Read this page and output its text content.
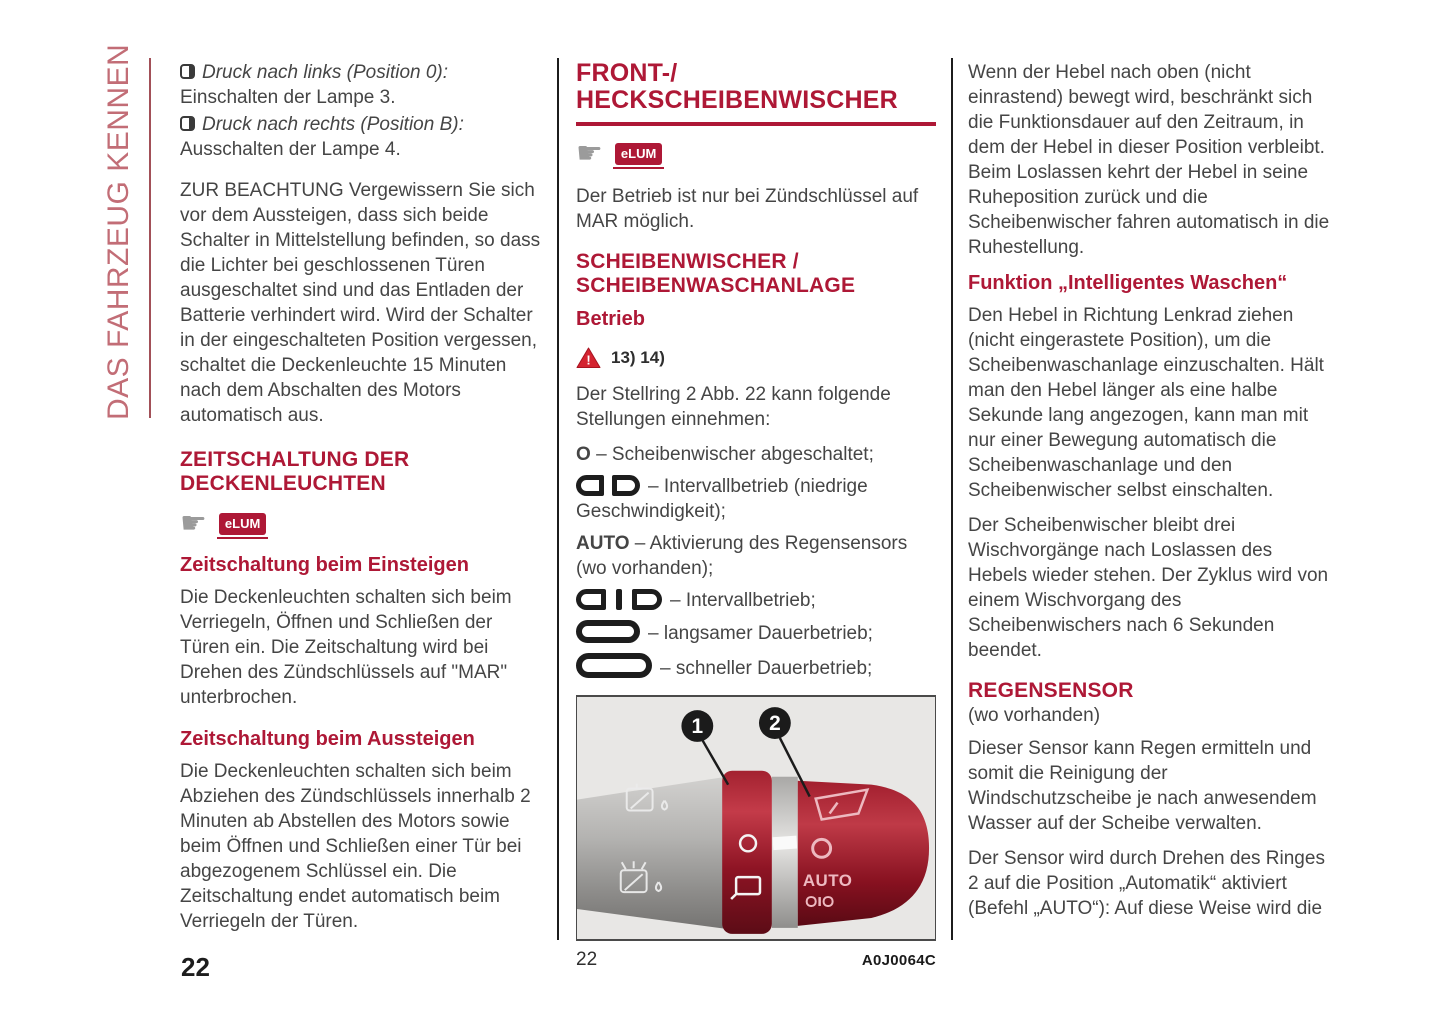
DAS FAHRZEUG KENNEN	Druck nach links (Position 0):
Einschalten der Lampe 3.

Druck nach rechts (Position B):
Ausschalten der Lampe 4.

ZUR BEACHTUNG Vergewissern Sie sich vor dem Aussteigen, dass sich beide Schalter in Mittelstellung befinden, so dass die Lichter bei geschlossenen Türen ausgeschaltet sind und das Entladen der Batterie verhindert wird. Wird der Schalter in der eingeschalteten Position vergessen, schaltet die Deckenleuchte 15 Minuten nach dem Abschalten des Motors automatisch aus.

ZEITSCHALTUNG DER
DECKENLEUCHTEN
☛	eLUM
Zeitschaltung beim Einsteigen

Die Deckenleuchten schalten sich beim Verriegeln, Öffnen und Schließen der Türen ein. Die Zeitschaltung wird bei Drehen des Zündschlüssels auf "MAR" unterbrochen.

Zeitschaltung beim Aussteigen

Die Deckenleuchten schalten sich beim Abziehen des Zündschlüssels innerhalb 2 Minuten ab Abstellen des Motors sowie beim Öffnen und Schließen einer Tür bei abgezogenem Schlüssel ein. Die Zeitschaltung endet automatisch beim Verriegeln der Türen.

FRONT-/
HECKSCHEIBENWISCHER
☛	eLUM

Der Betrieb ist nur bei Zündschlüssel auf MAR möglich.

SCHEIBENWISCHER /
SCHEIBENWASCHANLAGE
Betrieb
! 13) 14)

Der Stellring 2 Abb. 22 kann folgende Stellungen einnehmen:

O – Scheibenwischer abgeschaltet;

– Intervallbetrieb (niedrige Geschwindigkeit);

AUTO – Aktivierung des Regensensors (wo vorhanden);

– Intervallbetrieb;

– langsamer Dauerbetrieb;

– schneller Dauerbetrieb;

AUTO
1	2
22	A0J0064C

Wenn der Hebel nach oben (nicht einrastend) bewegt wird, beschränkt sich die Funktionsdauer auf den Zeitraum, in dem der Hebel in dieser Position verbleibt. Beim Loslassen kehrt der Hebel in seine Ruheposition zurück und die Scheibenwischer fahren automatisch in die Ruhestellung.

Funktion „Intelligentes Waschen“

Den Hebel in Richtung Lenkrad ziehen (nicht eingerastete Position), um die Scheibenwaschanlage einzuschalten. Hält man den Hebel länger als eine halbe Sekunde lang angezogen, kann man mit nur einer Bewegung automatisch die Scheibenwaschanlage und den Scheibenwischer selbst einschalten.

Der Scheibenwischer bleibt drei Wischvorgänge nach Loslassen des Hebels wieder stehen. Der Zyklus wird von einem Wischvorgang des Scheibenwischers nach 6 Sekunden beendet.

REGENSENSOR

(wo vorhanden)

Dieser Sensor kann Regen ermitteln und somit die Reinigung der Windschutzscheibe je nach anwesendem Wasser auf der Scheibe verwalten.

Der Sensor wird durch Drehen des Ringes 2 auf die Position „Automatik“ aktiviert (Befehl „AUTO“): Auf diese Weise wird die

22
